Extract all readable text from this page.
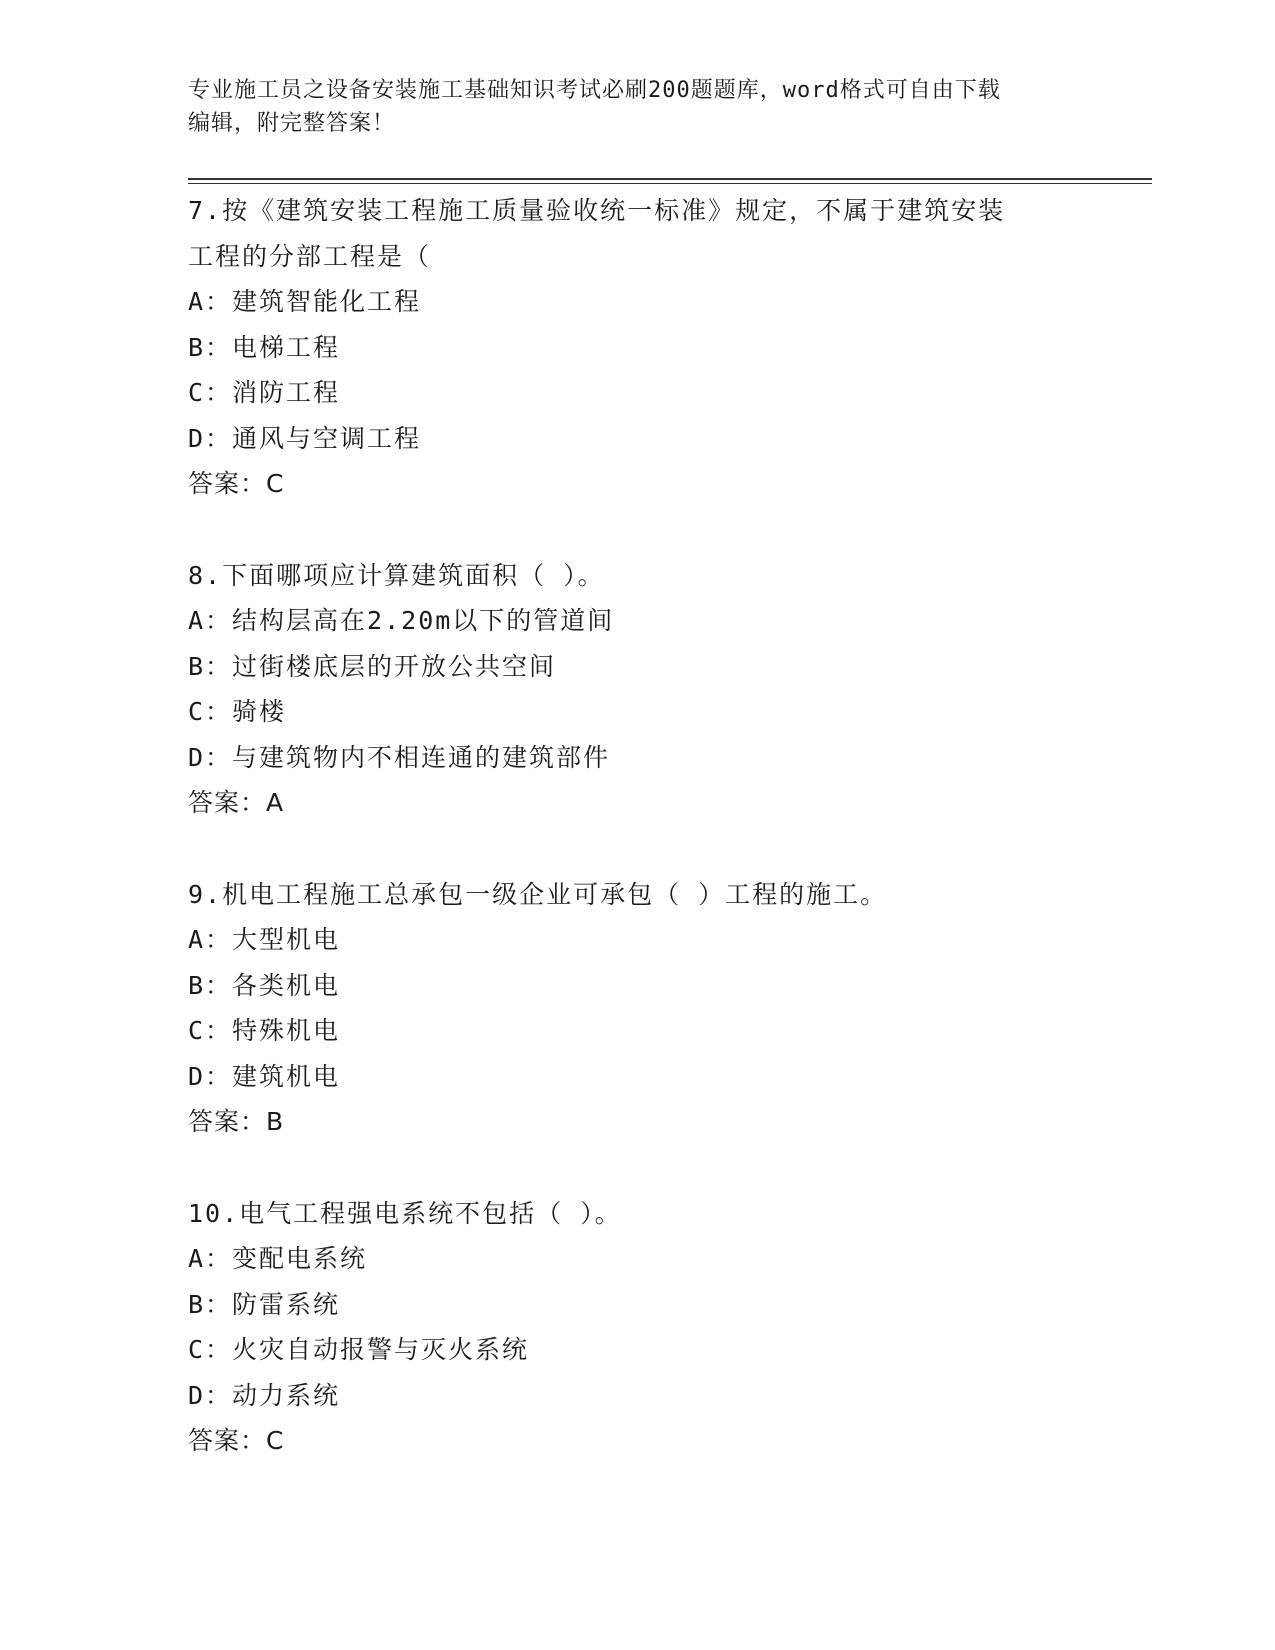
专业施工员之设备安装施工基础知识考试必刷200题题库，word格式可自由下载
编辑，附完整答案！
7.按《建筑安装工程施工质量验收统一标准》规定，不属于建筑安装
工程的分部工程是（
A：建筑智能化工程
B：电梯工程
C：消防工程
D：通风与空调工程
答案：C
8.下面哪项应计算建筑面积（ ）。
A：结构层高在2.20m以下的管道间
B：过街楼底层的开放公共空间
C：骑楼
D：与建筑物内不相连通的建筑部件
答案：A
9.机电工程施工总承包一级企业可承包（ ）工程的施工。
A：大型机电
B：各类机电
C：特殊机电
D：建筑机电
答案：B
10.电气工程强电系统不包括（ ）。
A：变配电系统
B：防雷系统
C：火灾自动报警与灭火系统
D：动力系统
答案：C
